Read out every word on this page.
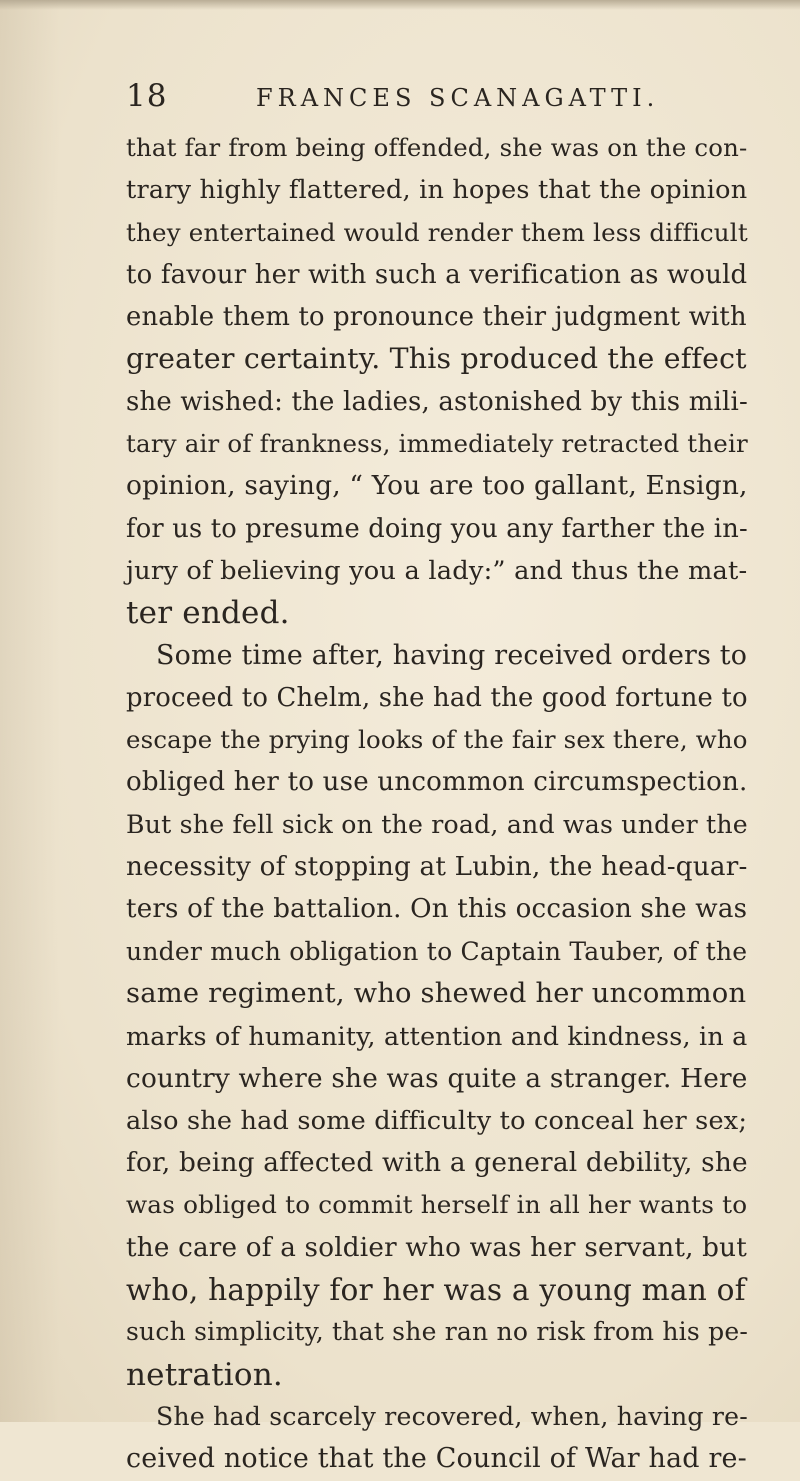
18	FRANCES SCANAGATTI.
that far from being offended, she was on the con-
trary highly flattered, in hopes that the opinion
they entertained would render them less difficult
to favour her with such a verification as would
enable them to pronounce their judgment with
greater certainty. This produced the effect
she wished: the ladies, astonished by this mili-
tary air of frankness, immediately retracted their
opinion, saying, “ You are too gallant, Ensign,
for us to presume doing you any farther the in-
jury of believing you a lady:” and thus the mat-
ter ended.
Some time after, having received orders to
proceed to Chelm, she had the good fortune to
escape the prying looks of the fair sex there, who
obliged her to use uncommon circumspection.
But she fell sick on the road, and was under the
necessity of stopping at Lubin, the head-quar-
ters of the battalion. On this occasion she was
under much obligation to Captain Tauber, of the
same regiment, who shewed her uncommon
marks of humanity, attention and kindness, in a
country where she was quite a stranger. Here
also she had some difficulty to conceal her sex;
for, being affected with a general debility, she
was obliged to commit herself in all her wants to
the care of a soldier who was her servant, but
who, happily for her was a young man of
such simplicity, that she ran no risk from his pe-
netration.
She had scarcely recovered, when, having re-
ceived notice that the Council of War had re-
